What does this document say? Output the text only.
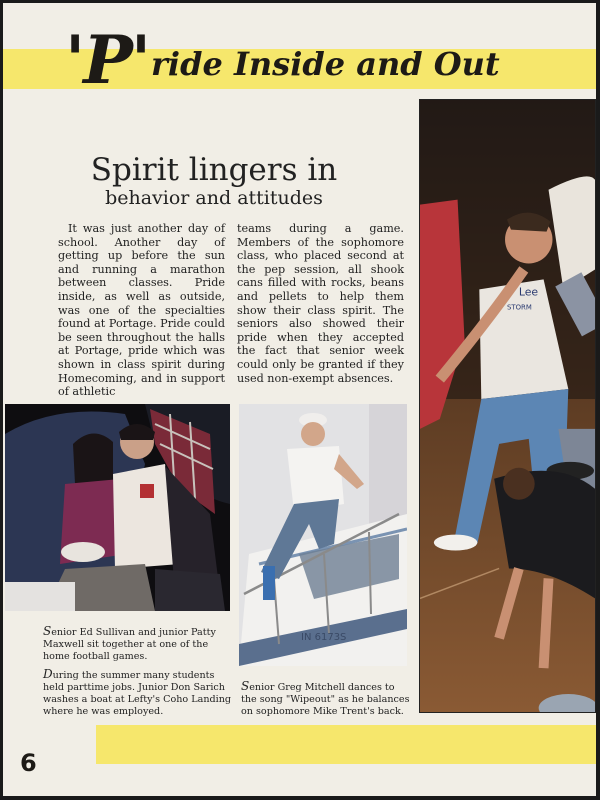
'P'ride Inside and Out
Lee
STORM
Spirit lingers in
behavior and attitudes

It was just another day of school. Another day of getting up before the sun and running a marathon between classes. Pride inside, as well as outside, was one of the specialties found at Portage. Pride could be seen throughout the halls at Portage, pride which was shown in class spirit during Homecoming, and in support of athletic

teams during a game. Members of the sophomore class, who placed second at the pep session, all shook cans filled with rocks, beans and pellets to help them show their class spirit. The seniors also showed their pride when they accepted the fact that senior week could only be granted if they used non-exempt absences.

IN 6173S

Senior Ed Sullivan and junior Patty Maxwell sit together at one of the home football games.

During the summer many students held parttime jobs. Junior Don Sarich washes a boat at Lefty's Coho Landing where he was employed.

Senior Greg Mitchell dances to the song "Wipeout" as he balances on sophomore Mike Trent's back.

6
